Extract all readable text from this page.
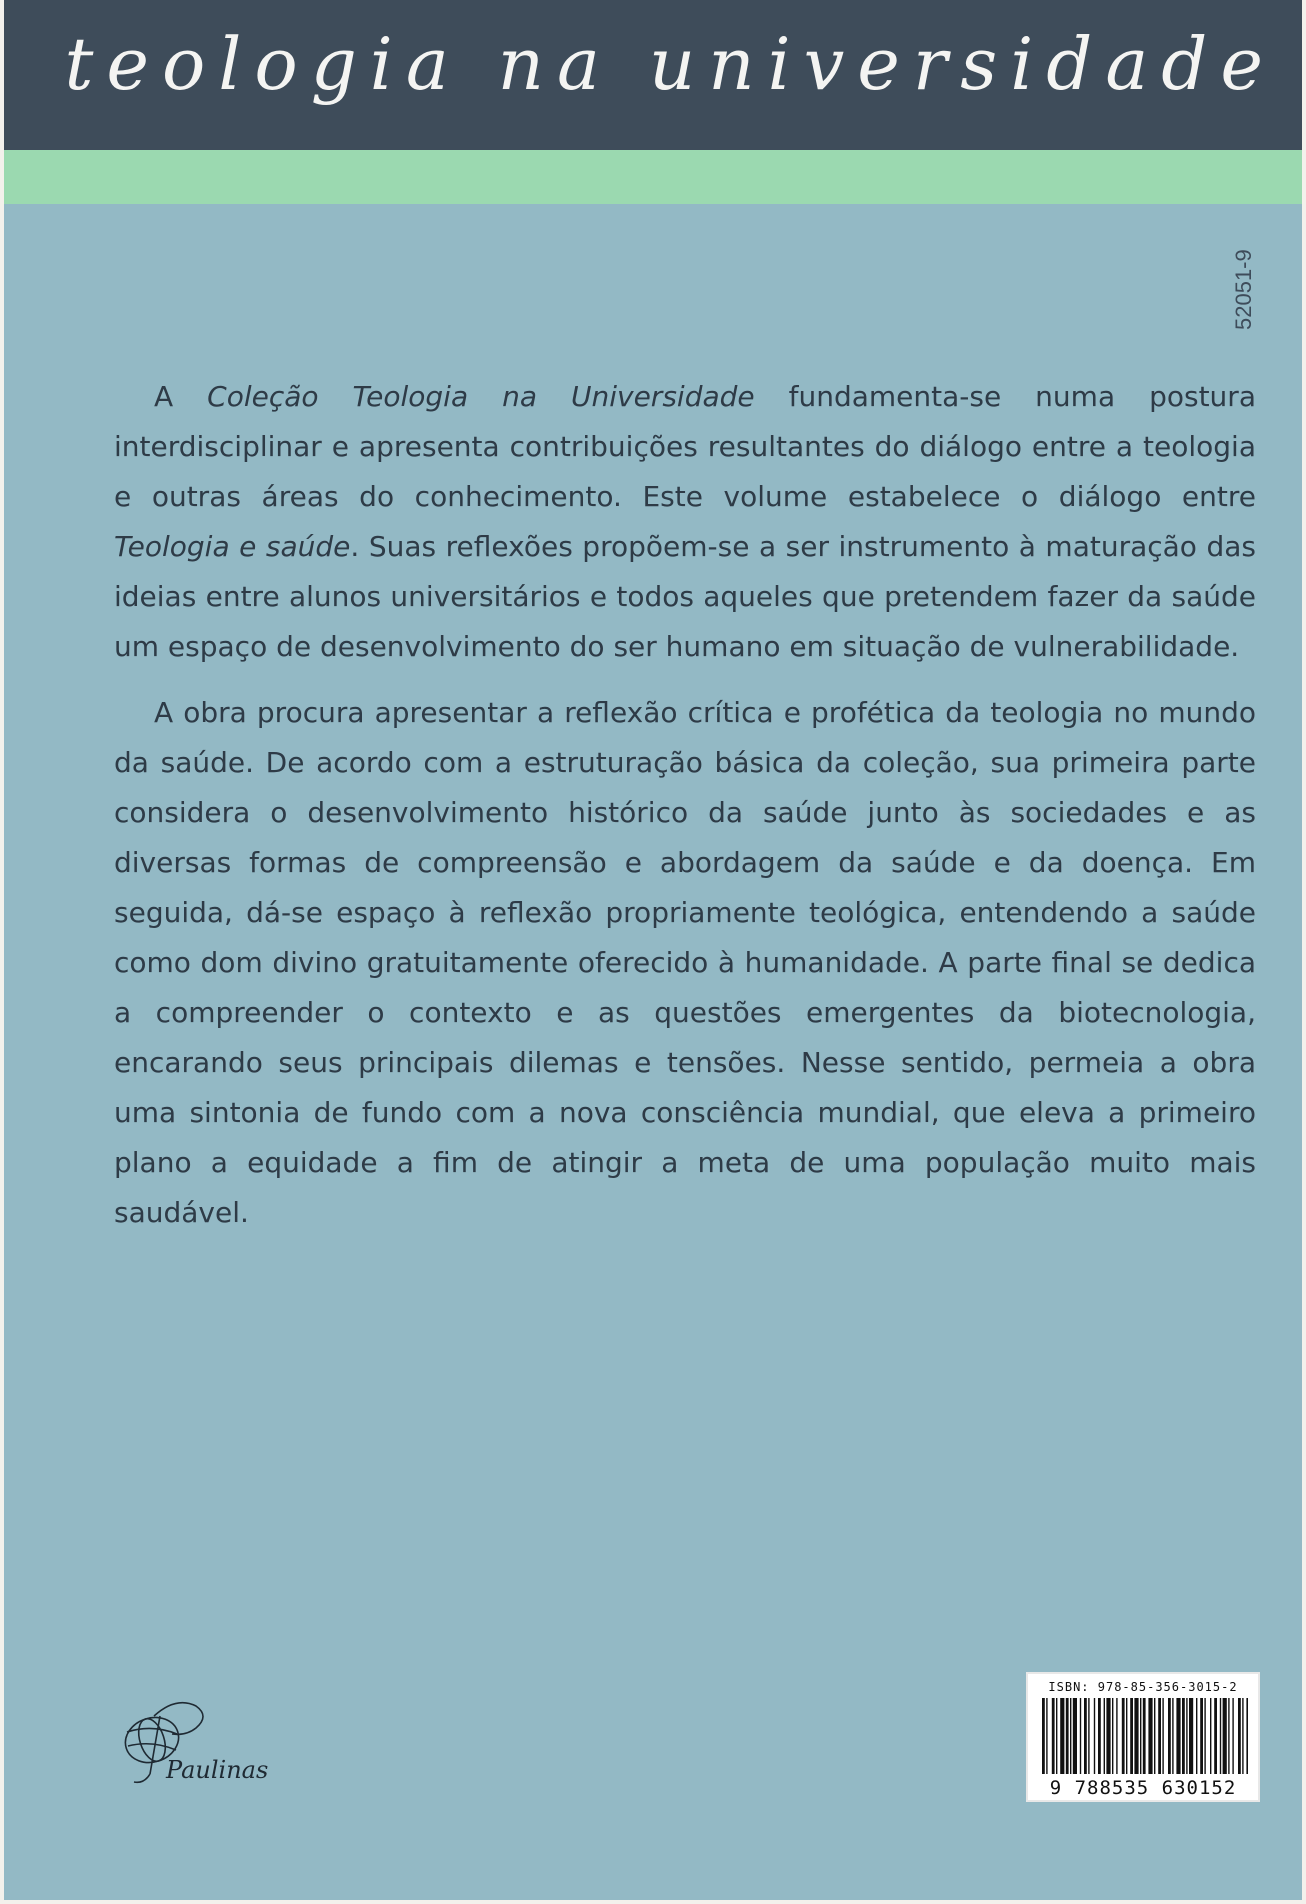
teologia na universidade
52051-9

A Coleção Teologia na Universidade fundamenta-se numa postura interdisciplinar e apresenta contribuições resultantes do diálogo entre a teologia e outras áreas do conhecimento. Este volume estabelece o diálogo entre Teologia e saúde. Suas reflexões propõem-se a ser instrumento à maturação das ideias entre alunos universitários e todos aqueles que pretendem fazer da saúde um espaço de desenvolvimento do ser humano em situação de vulnerabilidade.

A obra procura apresentar a reflexão crítica e profética da teologia no mundo da saúde. De acordo com a estruturação básica da coleção, sua primeira parte considera o desenvolvimento histórico da saúde junto às sociedades e as diversas formas de compreensão e abordagem da saúde e da doença. Em seguida, dá-se espaço à reflexão propriamente teológica, entendendo a saúde como dom divino gratuitamente oferecido à humanidade. A parte final se dedica a compreender o contexto e as questões emergentes da biotecnologia, encarando seus principais dilemas e tensões. Nesse sentido, permeia a obra uma sintonia de fundo com a nova consciência mundial, que eleva a primeiro plano a equidade a fim de atingir a meta de uma população muito mais saudável.

Paulinas
ISBN: 978-85-356-3015-2
9 788535 630152
